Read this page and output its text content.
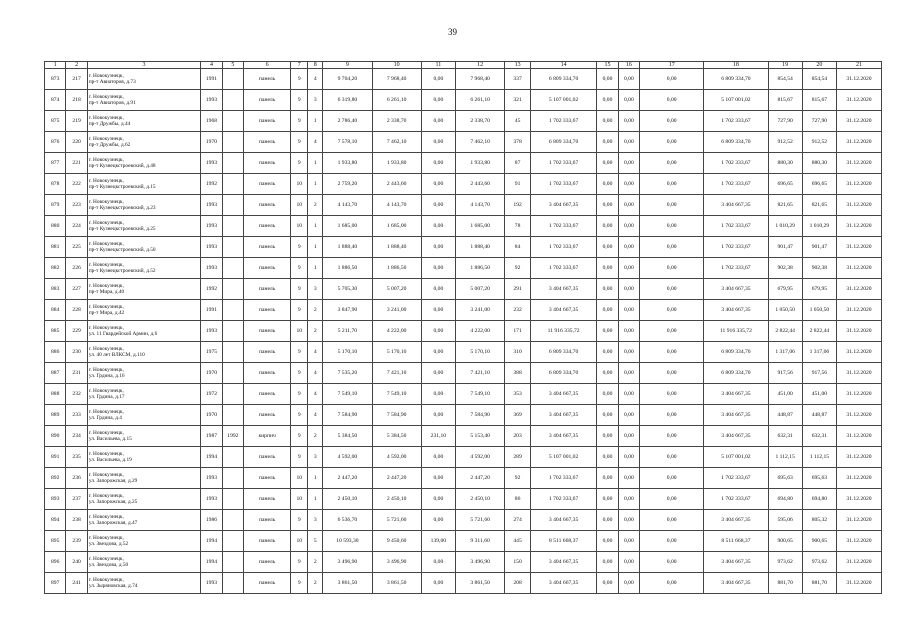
39
1	2	3	4	5	6	7	8	9	10	11	12	13	14	15	16	17	18	19	20	21
873	217	г. Новокузнецк,
пр-т Авиаторов, д.73	1991		панель	9	4	9 704,20	7 968,40	0,00	7 968,40	337	6 809 334,70	0,00	0,00	0,00	6 809 334,70	854,54	854,54	31.12.2020
874	218	г. Новокузнецк,
пр-т Авиаторов, д.91	1993		панель	9	3	6 319,80	6 261,10	0,00	6 261,10	321	5 107 001,02	0,00	0,00	0,00	5 107 001,02	815,67	815,67	31.12.2020
875	219	г. Новокузнецк,
пр-т Дружбы, д.44	1968		панель	9	1	2 786,40	2 338,70	0,00	2 338,70	45	1 702 333,67	0,00	0,00	0,00	1 702 333,67	727,90	727,90	31.12.2020
876	220	г. Новокузнецк,
пр-т Дружбы, д.62	1970		панель	9	4	7 578,10	7 462,10	0,00	7 462,10	378	6 809 334,70	0,00	0,00	0,00	6 809 334,70	912,52	912,52	31.12.2020
877	221	г. Новокузнецк,
пр-т Кузнецкстроевский, д.48	1993		панель	9	1	1 933,80	1 933,80	0,00	1 933,80	87	1 702 333,67	0,00	0,00	0,00	1 702 333,67	880,30	880,30	31.12.2020
878	222	г. Новокузнецк,
пр-т Кузнецкстроевский, д.15	1992		панель	10	1	2 759,20	2 443,60	0,00	2 443,60	91	1 702 333,67	0,00	0,00	0,00	1 702 333,67	696,65	696,65	31.12.2020
879	223	г. Новокузнецк,
пр-т Кузнецкстроевский, д.23	1993		панель	10	2	4 143,70	4 143,70	0,00	4 143,70	192	3 404 667,35	0,00	0,00	0,00	3 404 667,35	821,65	821,65	31.12.2020
880	224	г. Новокузнецк,
пр-т Кузнецкстроевский, д.25	1993		панель	10	1	1 685,00	1 685,00	0,00	1 685,00	78	1 702 333,67	0,00	0,00	0,00	1 702 333,67	1 010,29	1 010,29	31.12.2020
881	225	г. Новокузнецк,
пр-т Кузнецкстроевский, д.50	1993		панель	9	1	1 888,40	1 888,40	0,00	1 888,40	84	1 702 333,67	0,00	0,00	0,00	1 702 333,67	901,47	901,47	31.12.2020
882	226	г. Новокузнецк,
пр-т Кузнецкстроевский, д.52	1993		панель	9	1	1 886,50	1 886,50	0,00	1 886,50	92	1 702 333,67	0,00	0,00	0,00	1 702 333,67	902,38	902,38	31.12.2020
883	227	г. Новокузнецк,
пр-т Мира, д.40	1992		панель	9	3	5 705,30	5 007,20	0,00	5 007,20	291	3 404 667,35	0,00	0,00	0,00	3 404 667,35	679,95	679,95	31.12.2020
884	228	г. Новокузнецк,
пр-т Мира, д.42	1991		панель	9	2	3 847,90	3 241,00	0,00	3 241,00	232	3 404 667,35	0,00	0,00	0,00	3 404 667,35	1 050,50	1 050,50	31.12.2020
885	229	г. Новокузнецк,
ул. 11 Гвардейской Армии, д.6	1993		панель	10	2	5 211,70	4 222,00	0,00	4 222,00	171	11 916 335,72	0,00	0,00	0,00	11 916 335,72	2 822,44	2 822,44	31.12.2020
886	230	г. Новокузнецк,
ул. 40 лет ВЛКСМ, д.110	1975		панель	9	4	5 170,10	5 170,10	0,00	5 170,10	310	6 809 334,70	0,00	0,00	0,00	6 809 334,70	1 317,06	1 317,06	31.12.2020
887	231	г. Новокузнецк,
ул. Грдина, д.16	1970		панель	9	4	7 535,20	7 421,10	0,00	7 421,10	388	6 809 334,70	0,00	0,00	0,00	6 809 334,70	917,56	917,56	31.12.2020
888	232	г. Новокузнецк,
ул. Грдина, д.17	1972		панель	9	4	7 549,10	7 549,10	0,00	7 549,10	353	3 404 667,35	0,00	0,00	0,00	3 404 667,35	451,00	451,00	31.12.2020
889	233	г. Новокузнецк,
ул. Грдина, д.4	1970		панель	9	4	7 584,90	7 584,90	0,00	7 584,90	369	3 404 667,35	0,00	0,00	0,00	3 404 667,35	448,87	448,87	31.12.2020
890	234	г. Новокузнецк,
ул. Васильева, д.15	1987	1992	кирпич	9	2	5 384,50	5 384,50	231,10	5 153,40	203	3 404 667,35	0,00	0,00	0,00	3 404 667,35	632,31	632,31	31.12.2020
891	235	г. Новокузнецк,
ул. Васильева, д.19	1994		панель	9	3	4 592,00	4 592,00	0,00	4 592,00	289	5 107 001,02	0,00	0,00	0,00	5 107 001,02	1 112,15	1 112,15	31.12.2020
892	236	г. Новокузнецк,
ул. Запорожская, д.29	1993		панель	10	1	2 447,20	2 447,20	0,00	2 447,20	92	1 702 333,67	0,00	0,00	0,00	1 702 333,67	695,63	695,63	31.12.2020
893	237	г. Новокузнецк,
ул. Запорожская, д.25	1993		панель	10	1	2 450,10	2 450,10	0,00	2 450,10	86	1 702 333,67	0,00	0,00	0,00	1 702 333,67	694,80	694,80	31.12.2020
894	238	г. Новокузнецк,
ул. Запорожская, д.47	1986		панель	9	3	6 536,70	5 721,60	0,00	5 721,60	274	3 404 667,35	0,00	0,00	0,00	3 404 667,35	595,06	805,32	31.12.2020
895	239	г. Новокузнецк,
ул. Звездова, д.52	1994		панель	10	5	10 593,30	9 450,60	139,00	9 311,60	445	8 511 668,37	0,00	0,00	0,00	8 511 668,37	900,65	900,65	31.12.2020
896	240	г. Новокузнецк,
ул. Звездова, д.50	1994		панель	9	2	3 496,90	3 496,90	0,00	3 496,90	150	3 404 667,35	0,00	0,00	0,00	3 404 667,35	973,62	973,62	31.12.2020
897	241	г. Новокузнецк,
ул. Зыряновская, д.74	1993		панель	9	2	3 861,50	3 861,50	0,00	3 861,50	208	3 404 667,35	0,00	0,00	0,00	3 404 667,35	881,70	881,70	31.12.2020
